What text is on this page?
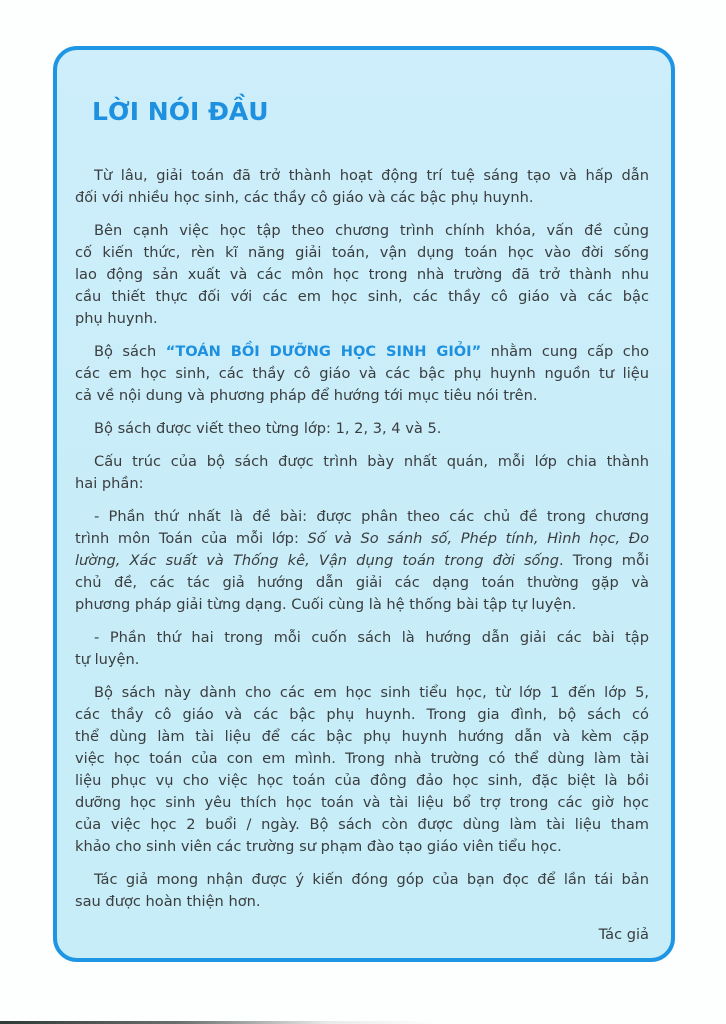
LỜI NÓI ĐẦU
Từ lâu, giải toán đã trở thành hoạt động trí tuệ sáng tạo và hấp dẫn
đối với nhiều học sinh, các thầy cô giáo và các bậc phụ huynh.
Bên cạnh việc học tập theo chương trình chính khóa, vấn đề củng
cố kiến thức, rèn kĩ năng giải toán, vận dụng toán học vào đời sống
lao động sản xuất và các môn học trong nhà trường đã trở thành nhu
cầu thiết thực đối với các em học sinh, các thầy cô giáo và các bậc
phụ huynh.
Bộ sách “TOÁN BỒI DƯỠNG HỌC SINH GIỎI” nhằm cung cấp cho
các em học sinh, các thầy cô giáo và các bậc phụ huynh nguồn tư liệu
cả về nội dung và phương pháp để hướng tới mục tiêu nói trên.
Bộ sách được viết theo từng lớp: 1, 2, 3, 4 và 5.
Cấu trúc của bộ sách được trình bày nhất quán, mỗi lớp chia thành
hai phần:
- Phần thứ nhất là đề bài: được phân theo các chủ đề trong chương
trình môn Toán của mỗi lớp: Số và So sánh số, Phép tính, Hình học, Đo
lường, Xác suất và Thống kê, Vận dụng toán trong đời sống. Trong mỗi
chủ đề, các tác giả hướng dẫn giải các dạng toán thường gặp và
phương pháp giải từng dạng. Cuối cùng là hệ thống bài tập tự luyện.
- Phần thứ hai trong mỗi cuốn sách là hướng dẫn giải các bài tập
tự luyện.
Bộ sách này dành cho các em học sinh tiểu học, từ lớp 1 đến lớp 5,
các thầy cô giáo và các bậc phụ huynh. Trong gia đình, bộ sách có
thể dùng làm tài liệu để các bậc phụ huynh hướng dẫn và kèm cặp
việc học toán của con em mình. Trong nhà trường có thể dùng làm tài
liệu phục vụ cho việc học toán của đông đảo học sinh, đặc biệt là bồi
dưỡng học sinh yêu thích học toán và tài liệu bổ trợ trong các giờ học
của việc học 2 buổi / ngày. Bộ sách còn được dùng làm tài liệu tham
khảo cho sinh viên các trường sư phạm đào tạo giáo viên tiểu học.
Tác giả mong nhận được ý kiến đóng góp của bạn đọc để lần tái bản
sau được hoàn thiện hơn.
Tác giả
